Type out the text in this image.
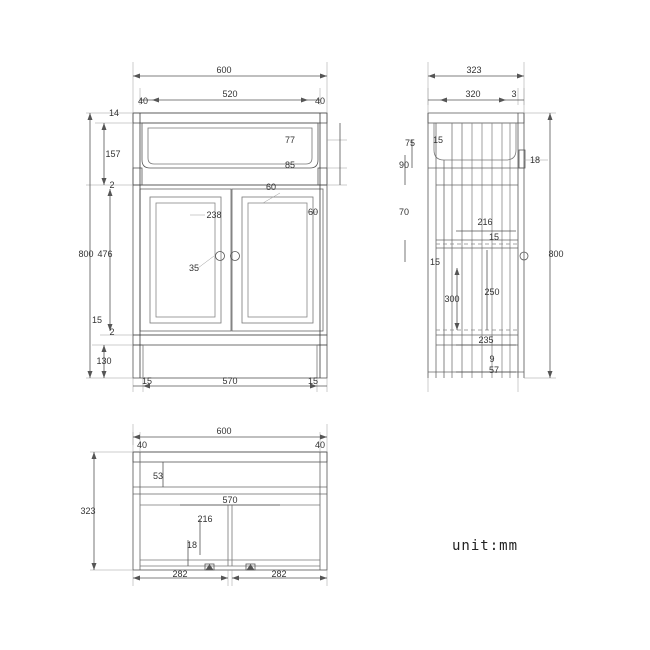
600
14
40
520
40
157
77
85
60
2
238	60
476
800
35
15
2
130
15	570	15
323
320	3
75 15
18
90
70
216
15
15
800
300
250
235
9
57
600
40	40
53
570
323
216
18
282	282
unit:mm
